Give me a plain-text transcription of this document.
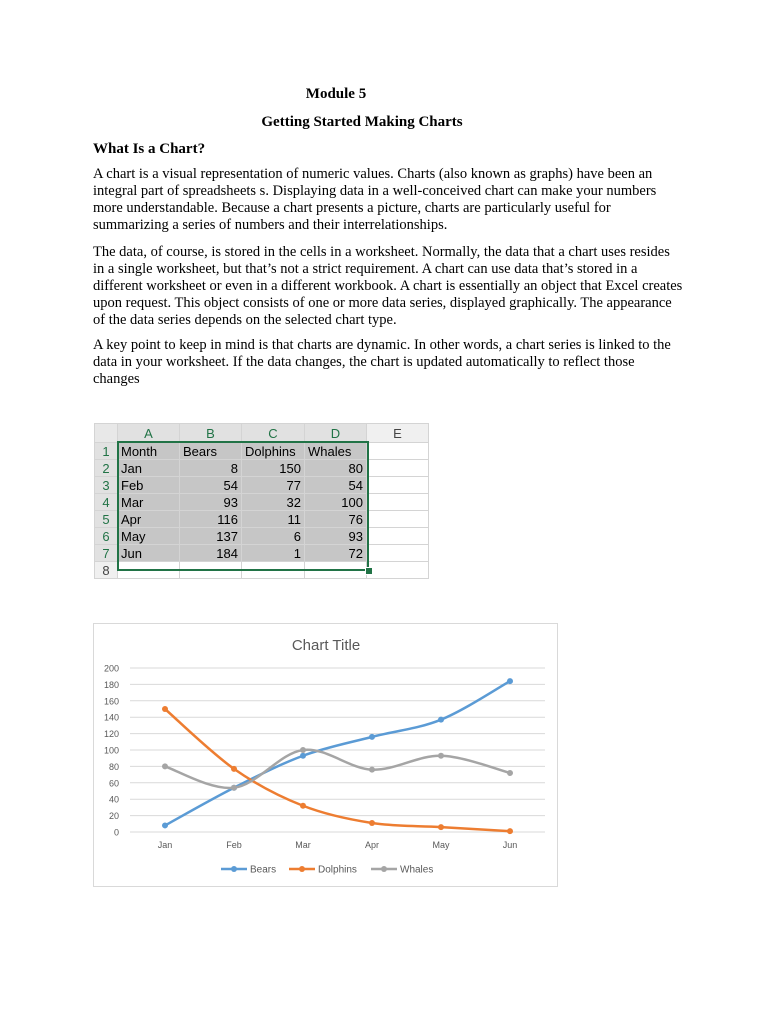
Module 5
Getting Started Making Charts
What Is a Chart?

A chart is a visual representation of numeric values. Charts (also known as graphs) have been an integral part of spreadsheets s. Displaying data in a well-conceived chart can make your numbers more understandable. Because a chart presents a picture, charts are particularly useful for summarizing a series of numbers and their interrelationships.

The data, of course, is stored in the cells in a worksheet. Normally, the data that a chart uses resides in a single worksheet, but that’s not a strict requirement. A chart can use data that’s stored in a different worksheet or even in a different workbook. A chart is essentially an object that Excel creates upon request. This object consists of one or more data series, displayed graphically. The appearance of the data series depends on the selected chart type.

A key point to keep in mind is that charts are dynamic. In other words, a chart series is linked to the data in your worksheet. If the data changes, the chart is updated automatically to reflect those changes

	A	B	C	D	E
1	Month	Bears	Dolphins	Whales	
2	Jan	8	150	80	
3	Feb	54	77	54	
4	Mar	93	32	100	
5	Apr	116	11	76	
6	May	137	6	93	
7	Jun	184	1	72	
8					
Chart Title
0
20
40
60
80
100
120
140
160
180
200
Jan	Feb	Mar	Apr	May	Jun
Bears	Dolphins	Whales
